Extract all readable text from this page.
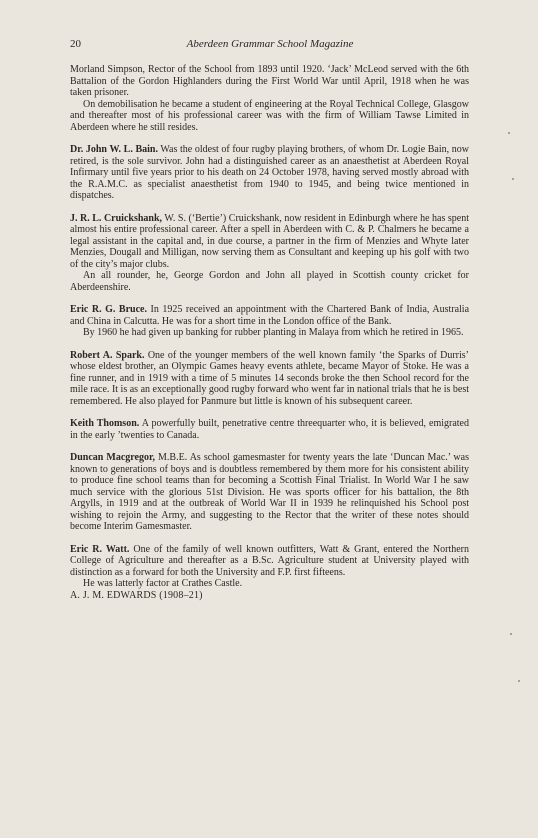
20	Aberdeen Grammar School Magazine

Morland Simpson, Rector of the School from 1893 until 1920. ‘Jack’ McLeod served with the 6th Battalion of the Gordon Highlanders during the First World War until April, 1918 when he was taken prisoner.

On demobilisation he became a student of engineering at the Royal Technical College, Glasgow and thereafter most of his professional career was with the firm of William Tawse Limited in Aberdeen where he still resides.

Dr. John W. L. Bain. Was the oldest of four rugby playing brothers, of whom Dr. Logie Bain, now retired, is the sole survivor. John had a distinguished career as an anaesthetist at Aberdeen Royal Infirmary until five years prior to his death on 24 October 1978, having served mostly abroad with the R.A.M.C. as specialist anaesthetist from 1940 to 1945, and being twice mentioned in dispatches.

J. R. L. Cruickshank, W. S. (‘Bertie’) Cruickshank, now resident in Edinburgh where he has spent almost his entire professional career. After a spell in Aberdeen with C. & P. Chalmers he became a legal assistant in the capital and, in due course, a partner in the firm of Menzies and Whyte later Menzies, Dougall and Milligan, now serving them as Consultant and keeping up his golf with two of the city’s major clubs.

An all rounder, he, George Gordon and John all played in Scottish county cricket for Aberdeenshire.

Eric R. G. Bruce. In 1925 received an appointment with the Chartered Bank of India, Australia and China in Calcutta. He was for a short time in the London office of the Bank.

By 1960 he had given up banking for rubber planting in Malaya from which he retired in 1965.

Robert A. Spark. One of the younger members of the well known family ‘the Sparks of Durris’ whose eldest brother, an Olympic Games heavy events athlete, became Mayor of Stoke. He was a fine runner, and in 1919 with a time of 5 minutes 14 seconds broke the then School record for the mile race. It is as an exceptionally good rugby forward who went far in national trials that he is best remembered. He also played for Panmure but little is known of his subsequent career.

Keith Thomson. A powerfully built, penetrative centre threequarter who, it is believed, emigrated in the early ’twenties to Canada.

Duncan Macgregor, M.B.E. As school gamesmaster for twenty years the late ‘Duncan Mac.’ was known to generations of boys and is doubtless remembered by them more for his consistent ability to produce fine school teams than for becoming a Scottish Final Trialist. In World War I he saw much service with the glorious 51st Division. He was sports officer for his battalion, the 8th Argylls, in 1919 and at the outbreak of World War II in 1939 he relinquished his School post wishing to rejoin the Army, and suggesting to the Rector that the writer of these notes should become Interim Gamesmaster.

Eric R. Watt. One of the family of well known outfitters, Watt & Grant, entered the Northern College of Agriculture and thereafter as a B.Sc. Agriculture student at University played with distinction as a forward for both the University and F.P. first fifteens.

He was latterly factor at Crathes Castle.

A. J. M. EDWARDS (1908–21)
